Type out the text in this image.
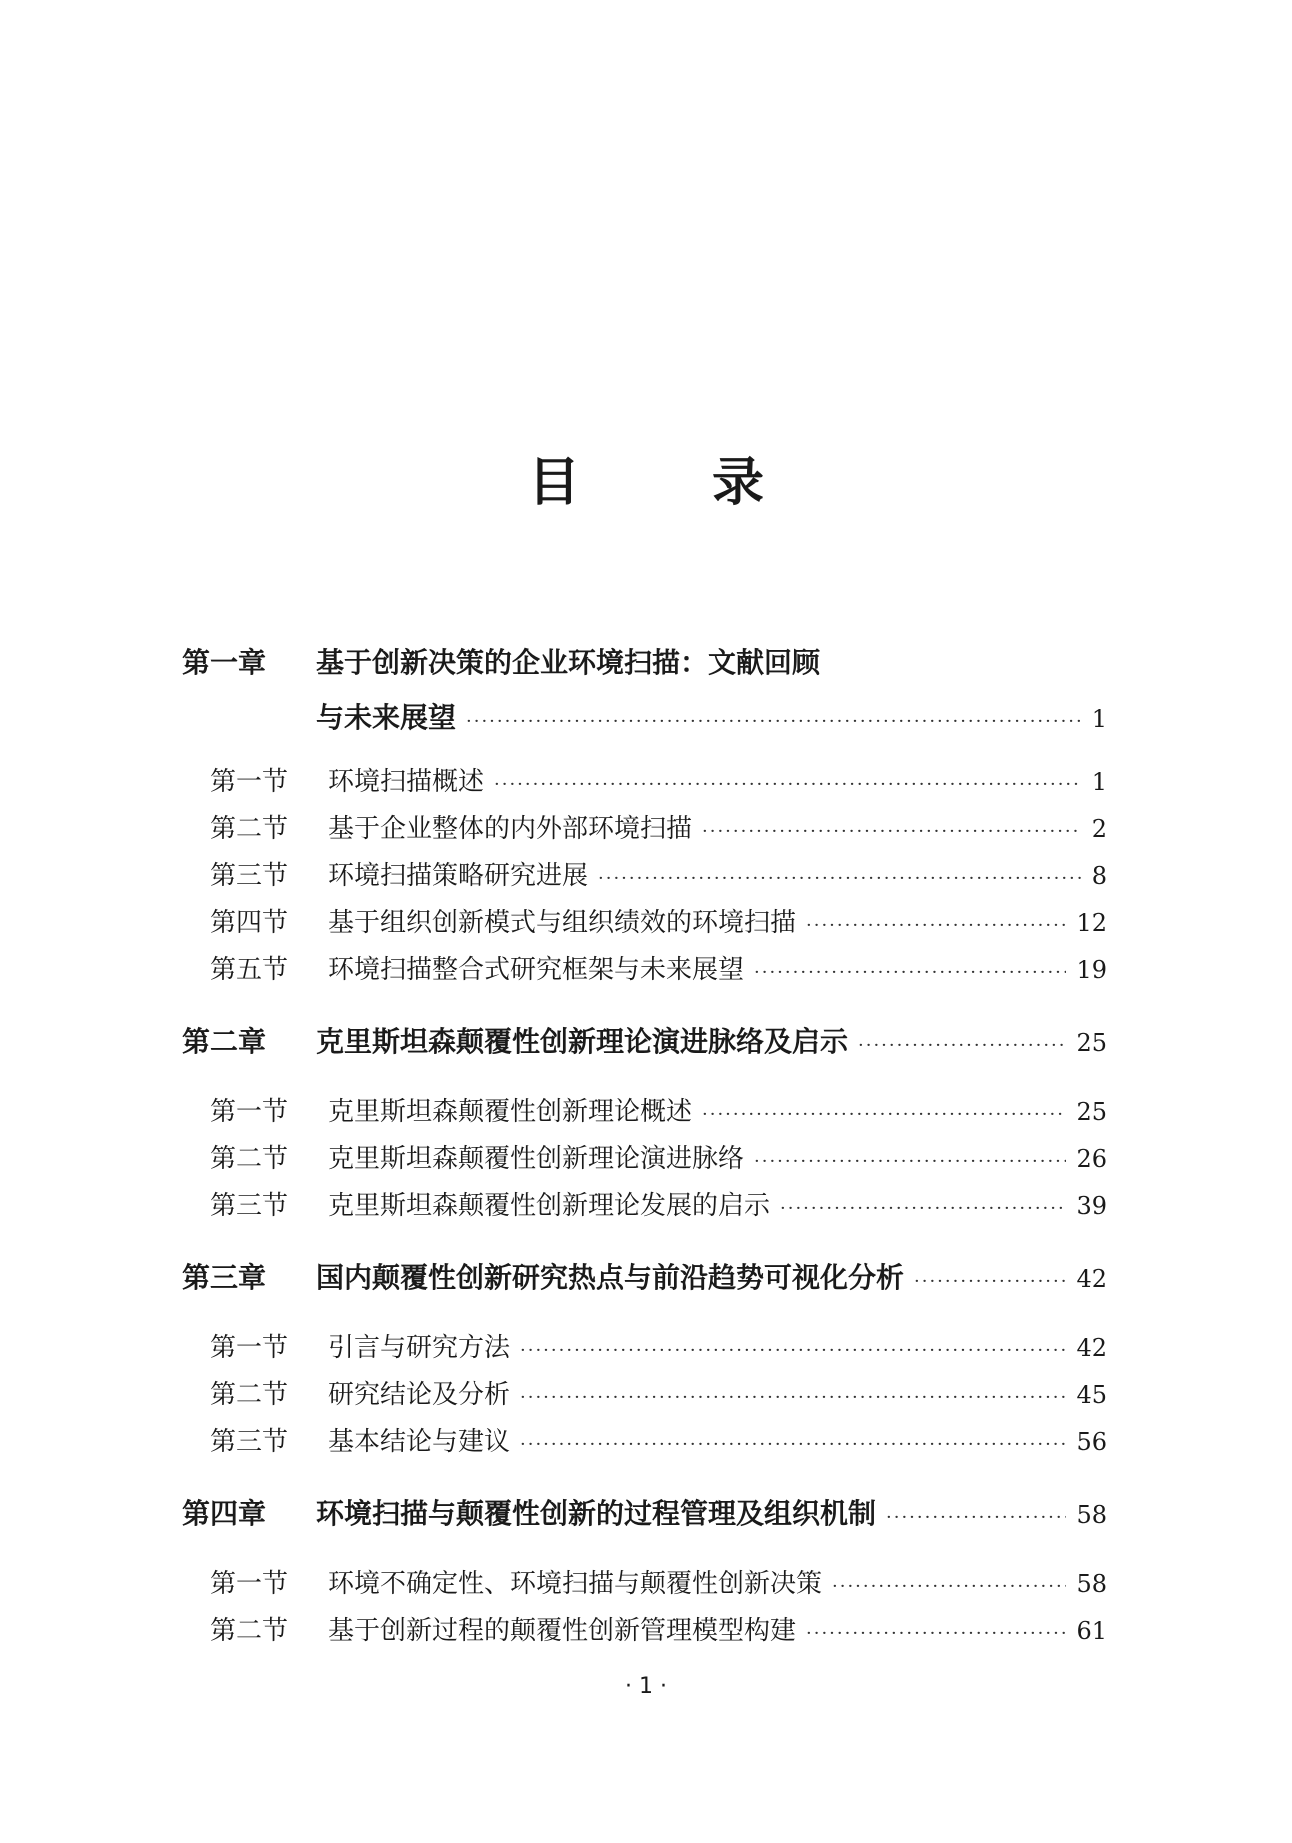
目　录
第一章	基于创新决策的企业环境扫描：文献回顾
与未来展望 ·····	1
第一节	环境扫描概述 ·····	1
第二节	基于企业整体的内外部环境扫描 ·····	2
第三节	环境扫描策略研究进展 ·····	8
第四节	基于组织创新模式与组织绩效的环境扫描 ·····	12
第五节	环境扫描整合式研究框架与未来展望 ·····	19
第二章	克里斯坦森颠覆性创新理论演进脉络及启示 ·····	25
第一节	克里斯坦森颠覆性创新理论概述 ·····	25
第二节	克里斯坦森颠覆性创新理论演进脉络 ·····	26
第三节	克里斯坦森颠覆性创新理论发展的启示 ·····	39
第三章	国内颠覆性创新研究热点与前沿趋势可视化分析 ·····	42
第一节	引言与研究方法 ·····	42
第二节	研究结论及分析 ·····	45
第三节	基本结论与建议 ·····	56
第四章	环境扫描与颠覆性创新的过程管理及组织机制 ·····	58
第一节	环境不确定性、环境扫描与颠覆性创新决策 ·····	58
第二节	基于创新过程的颠覆性创新管理模型构建 ·····	61
· 1 ·
